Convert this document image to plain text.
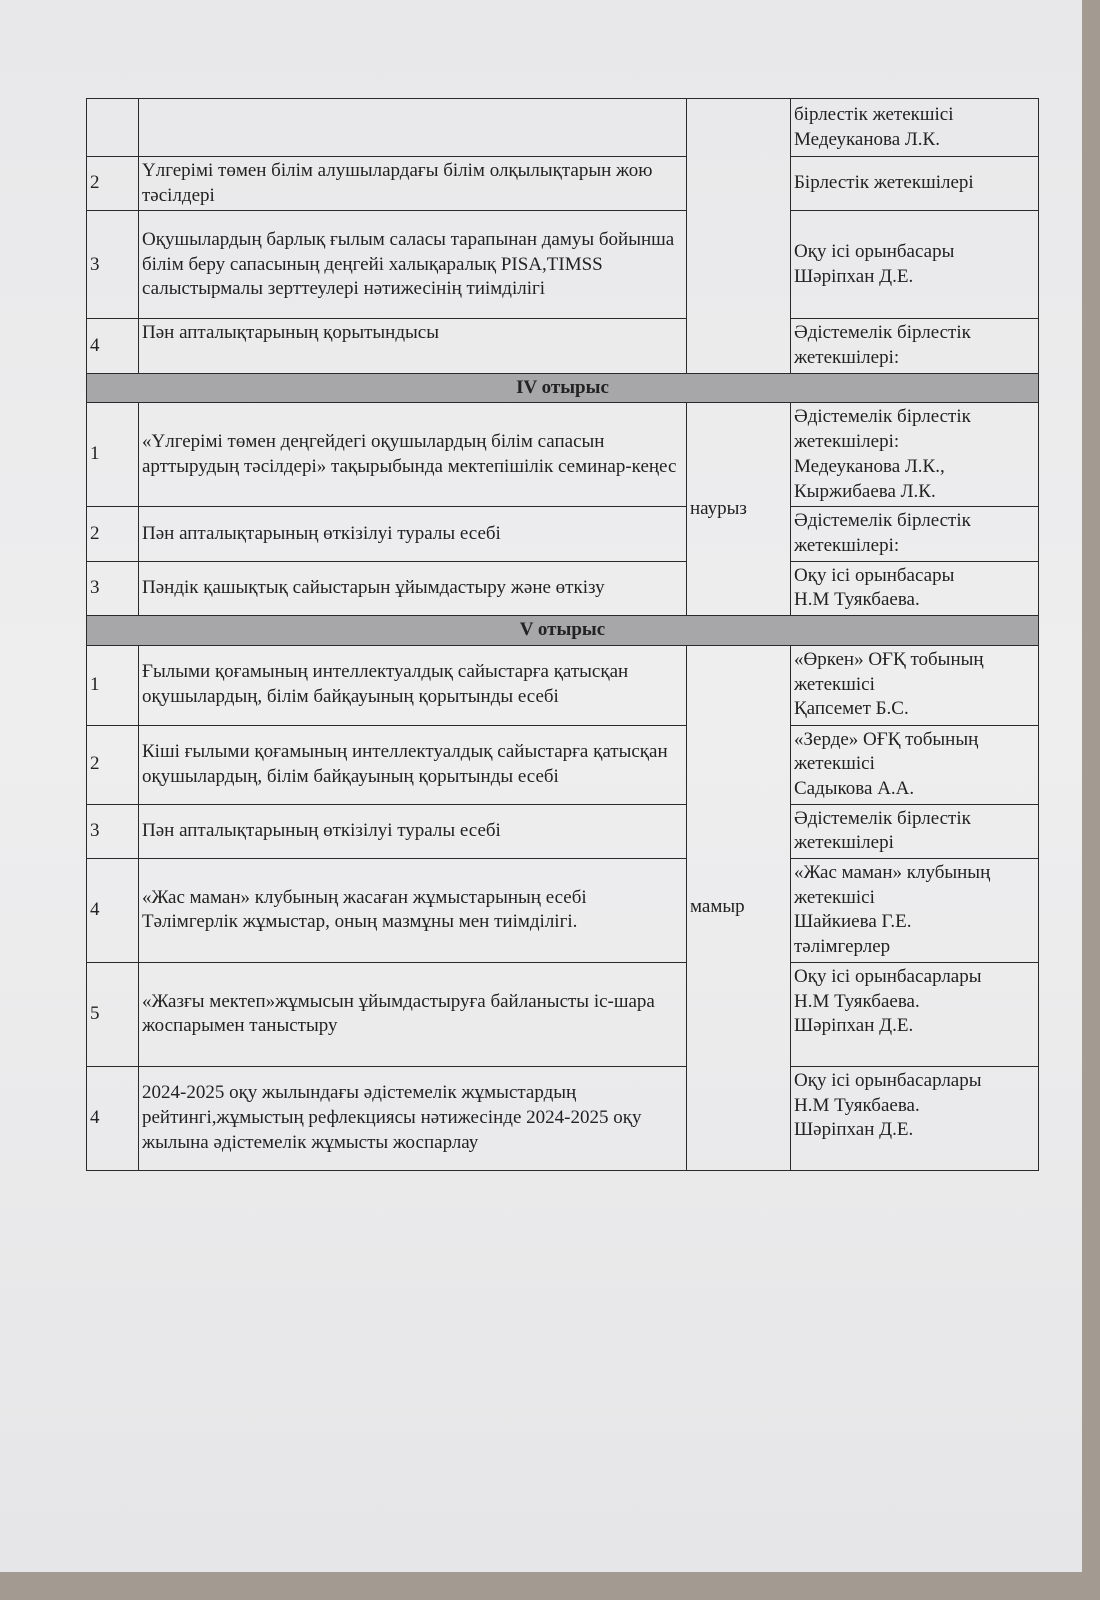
			бірлестік жетекшісі
Медеуканова Л.К.
2	Үлгерімі төмен білім алушылардағы білім олқылықтарын жою тәсілдері		Бірлестік жетекшілері
3	Оқушылардың барлық ғылым саласы тарапынан дамуы бойынша білім беру сапасының деңгейі халықаралық PISA,TIMSS салыстырмалы зерттеулері нәтижесінің тиімділігі		Оқу ісі орынбасары
Шәріпхан Д.Е.
4	Пән апталықтарының қорытындысы		Әдістемелік бірлестік жетекшілері:
IV отырыс			
1	«Үлгерімі төмен деңгейдегі оқушылардың білім сапасын арттырудың тәсілдері» тақырыбында мектепішілік семинар-кеңес	наурыз	Әдістемелік бірлестік жетекшілері:
Медеуканова Л.К.,
Кыржибаева Л.К.
2	Пән апталықтарының өткізілуі туралы есебі		Әдістемелік бірлестік жетекшілері:
3	Пәндік қашықтық сайыстарын ұйымдастыру және өткізу		Оқу ісі орынбасары
Н.М Туякбаева.
V отырыс			
1	Ғылыми қоғамының интеллектуалдық сайыстарға қатысқан оқушылардың, білім байқауының қорытынды есебі	мамыр	«Өркен» ОҒҚ тобының жетекшісі
Қапсемет Б.С.
2	Кіші ғылыми қоғамының интеллектуалдық сайыстарға қатысқан оқушылардың, білім байқауының қорытынды есебі		«Зерде» ОҒҚ тобының жетекшісі
Садыкова А.А.
3	Пән апталықтарының өткізілуі туралы есебі		Әдістемелік бірлестік жетекшілері
4	«Жас маман» клубының жасаған жұмыстарының есебі
Тәлімгерлік жұмыстар, оның мазмұны мен тиімділігі.		«Жас маман» клубының жетекшісі
Шайкиева Г.Е.
тәлімгерлер
5	«Жазғы мектеп»жұмысын ұйымдастыруға байланысты іс-шара жоспарымен таныстыру		Оқу ісі орынбасарлары
Н.М Туякбаева.
Шәріпхан Д.Е.
4	2024-2025 оқу жылындағы әдістемелік жұмыстардың рейтингі,жұмыстың рефлекциясы нәтижесінде 2024-2025 оқу жылына әдістемелік жұмысты жоспарлау		Оқу ісі орынбасарлары
Н.М Туякбаева.
Шәріпхан Д.Е.
